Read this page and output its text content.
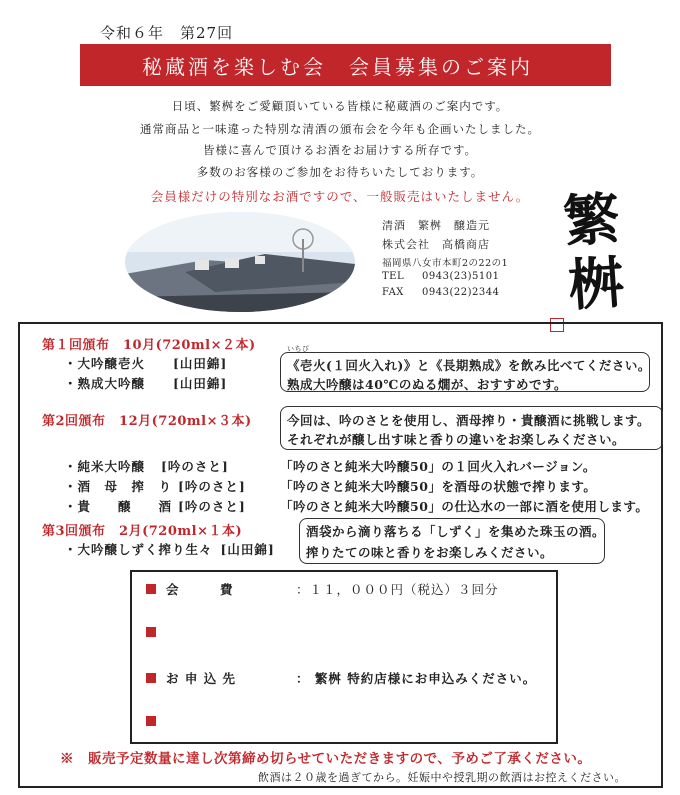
令和６年　第27回
秘蔵酒を楽しむ会　会員募集のご案内
日頃、繁桝をご愛顧頂いている皆様に秘蔵酒のご案内です。
通常商品と一味違った特別な清酒の頒布会を今年も企画いたしました。
皆様に喜んで頂けるお酒をお届けする所存です。
多数のお客様のご参加をお待ちいたしております。
会員様だけの特別なお酒ですので、一般販売はいたしません。
清酒　繁桝　醸造元
株式会社　高橋商店
福岡県八女市本町2の22の1
TEL 0943(23)5101
FAX 0943(22)2344
繁桝
第１回頒布　10月(720ml×２本)
・大吟醸壱火 [山田錦]
・熟成大吟醸 [山田錦]
いちび
《壱火(１回火入れ)》と《長期熟成》を飲み比べてください。
熟成大吟醸は40℃のぬる燗が、おすすめです。
第2回頒布　12月(720ml×３本)	今回は、吟のさとを使用し、酒母搾り・貴醸酒に挑戦します。
それぞれが醸し出す味と香りの違いをお楽しみください。
・純米大吟醸 [吟のさと]	「吟のさと純米大吟醸50」の１回火入れバージョン。
・酒　母　搾　り [吟のさと]	「吟のさと純米大吟醸50」を酒母の状態で搾ります。
・貴　　醸　　酒 [吟のさと]	「吟のさと純米大吟醸50」の仕込水の一部に酒を使用します。
第3回頒布　2月(720ml×１本)
・大吟醸しずく搾り生々 [山田錦]
酒袋から滴り落ちる「しずく」を集めた珠玉の酒。
搾りたての味と香りをお楽しみください。
会　　　費	：１１，０００円（税込）３回分
お 申 込 先	： 繁桝 特約店様にお申込みください。
※　販売予定数量に達し次第締め切らせていただきますので、予めご了承ください。
飲酒は２０歳を過ぎてから。妊娠中や授乳期の飲酒はお控えください。
